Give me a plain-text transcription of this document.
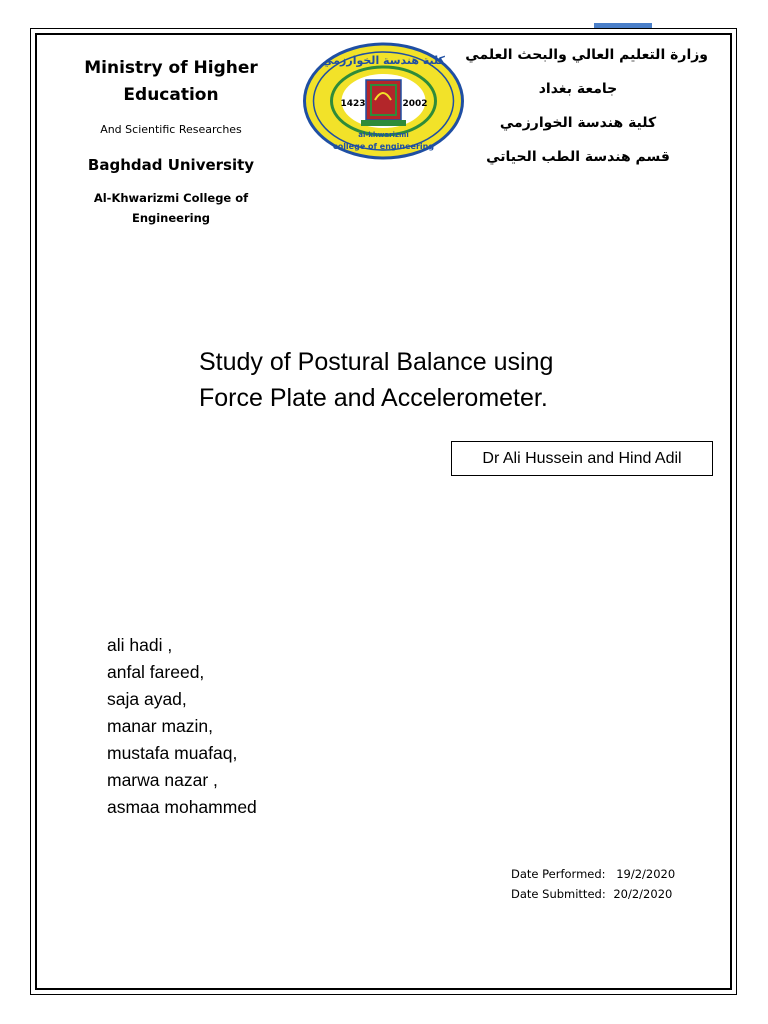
Ministry of Higher Education
And Scientific Researches
Baghdad University
Al-Khwarizmi College of Engineering
1423	2002
كلية هندسة الخوارزمي
al-khwarizmi
college of engineering
وزارة التعليم العالي والبحث العلمي
جامعة بغداد
كلية هندسة الخوارزمي
قسم هندسة الطب الحياتي
Study of Postural Balance using
Force Plate and Accelerometer.
Dr Ali Hussein and Hind Adil
ali hadi ,
anfal fareed,
saja ayad,
manar mazin,
mustafa muafaq,
marwa nazar ,
asmaa mohammed
Date Performed: 19/2/2020
Date Submitted: 20/2/2020
